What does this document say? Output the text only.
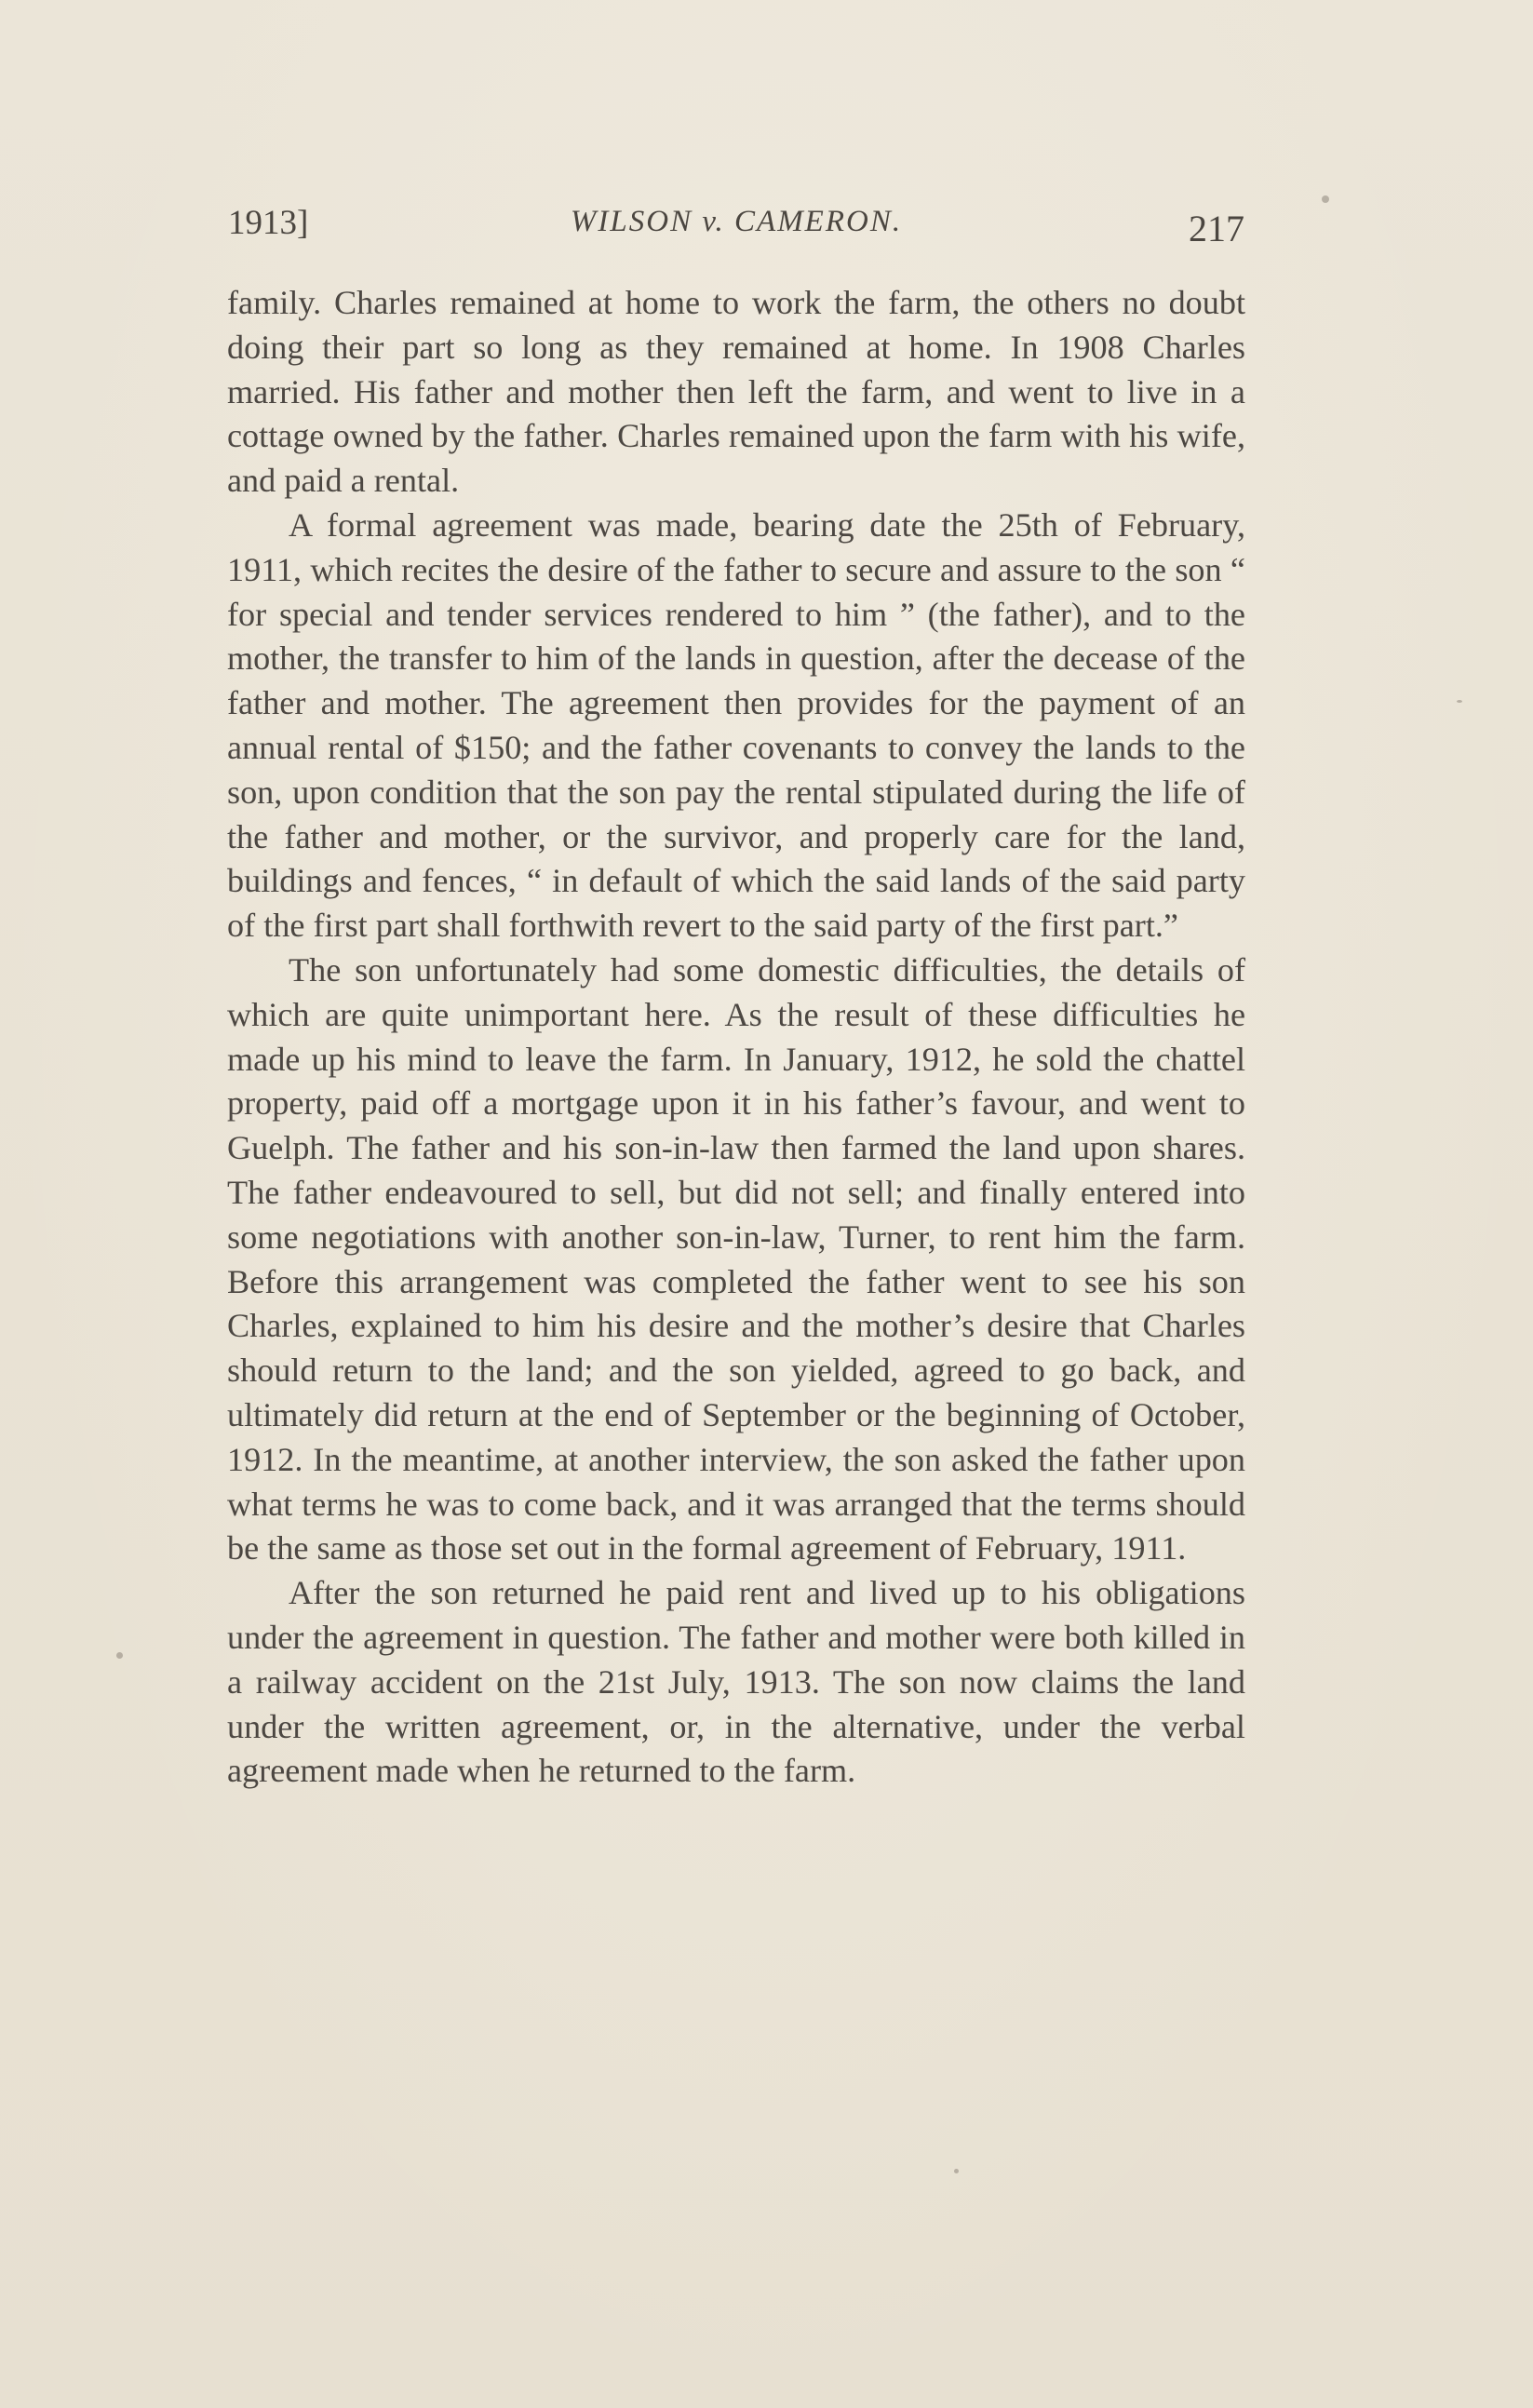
1913]	WILSON v. CAMERON.	217

family. Charles remained at home to work the farm, the others no doubt doing their part so long as they remained at home. In 1908 Charles married. His father and mother then left the farm, and went to live in a cottage owned by the father. Charles remained upon the farm with his wife, and paid a rental.

A formal agreement was made, bearing date the 25th of February, 1911, which recites the desire of the father to secure and assure to the son “ for special and tender services rendered to him ” (the father), and to the mother, the transfer to him of the lands in question, after the decease of the father and mother. The agreement then provides for the payment of an annual rental of $150; and the father covenants to convey the lands to the son, upon condition that the son pay the rental stipulated during the life of the father and mother, or the survivor, and properly care for the land, buildings and fences, “ in default of which the said lands of the said party of the first part shall forthwith revert to the said party of the first part.”

The son unfortunately had some domestic difficulties, the details of which are quite unimportant here. As the result of these difficulties he made up his mind to leave the farm. In January, 1912, he sold the chattel property, paid off a mortgage upon it in his father’s favour, and went to Guelph. The father and his son-in-law then farmed the land upon shares. The father endeavoured to sell, but did not sell; and finally entered into some negotiations with another son-in-law, Turner, to rent him the farm. Before this arrangement was completed the father went to see his son Charles, explained to him his desire and the mother’s desire that Charles should return to the land; and the son yielded, agreed to go back, and ultimately did return at the end of September or the beginning of October, 1912. In the meantime, at another interview, the son asked the father upon what terms he was to come back, and it was arranged that the terms should be the same as those set out in the formal agreement of February, 1911.

After the son returned he paid rent and lived up to his obligations under the agreement in question. The father and mother were both killed in a railway accident on the 21st July, 1913. The son now claims the land under the written agreement, or, in the alternative, under the verbal agreement made when he returned to the farm.
